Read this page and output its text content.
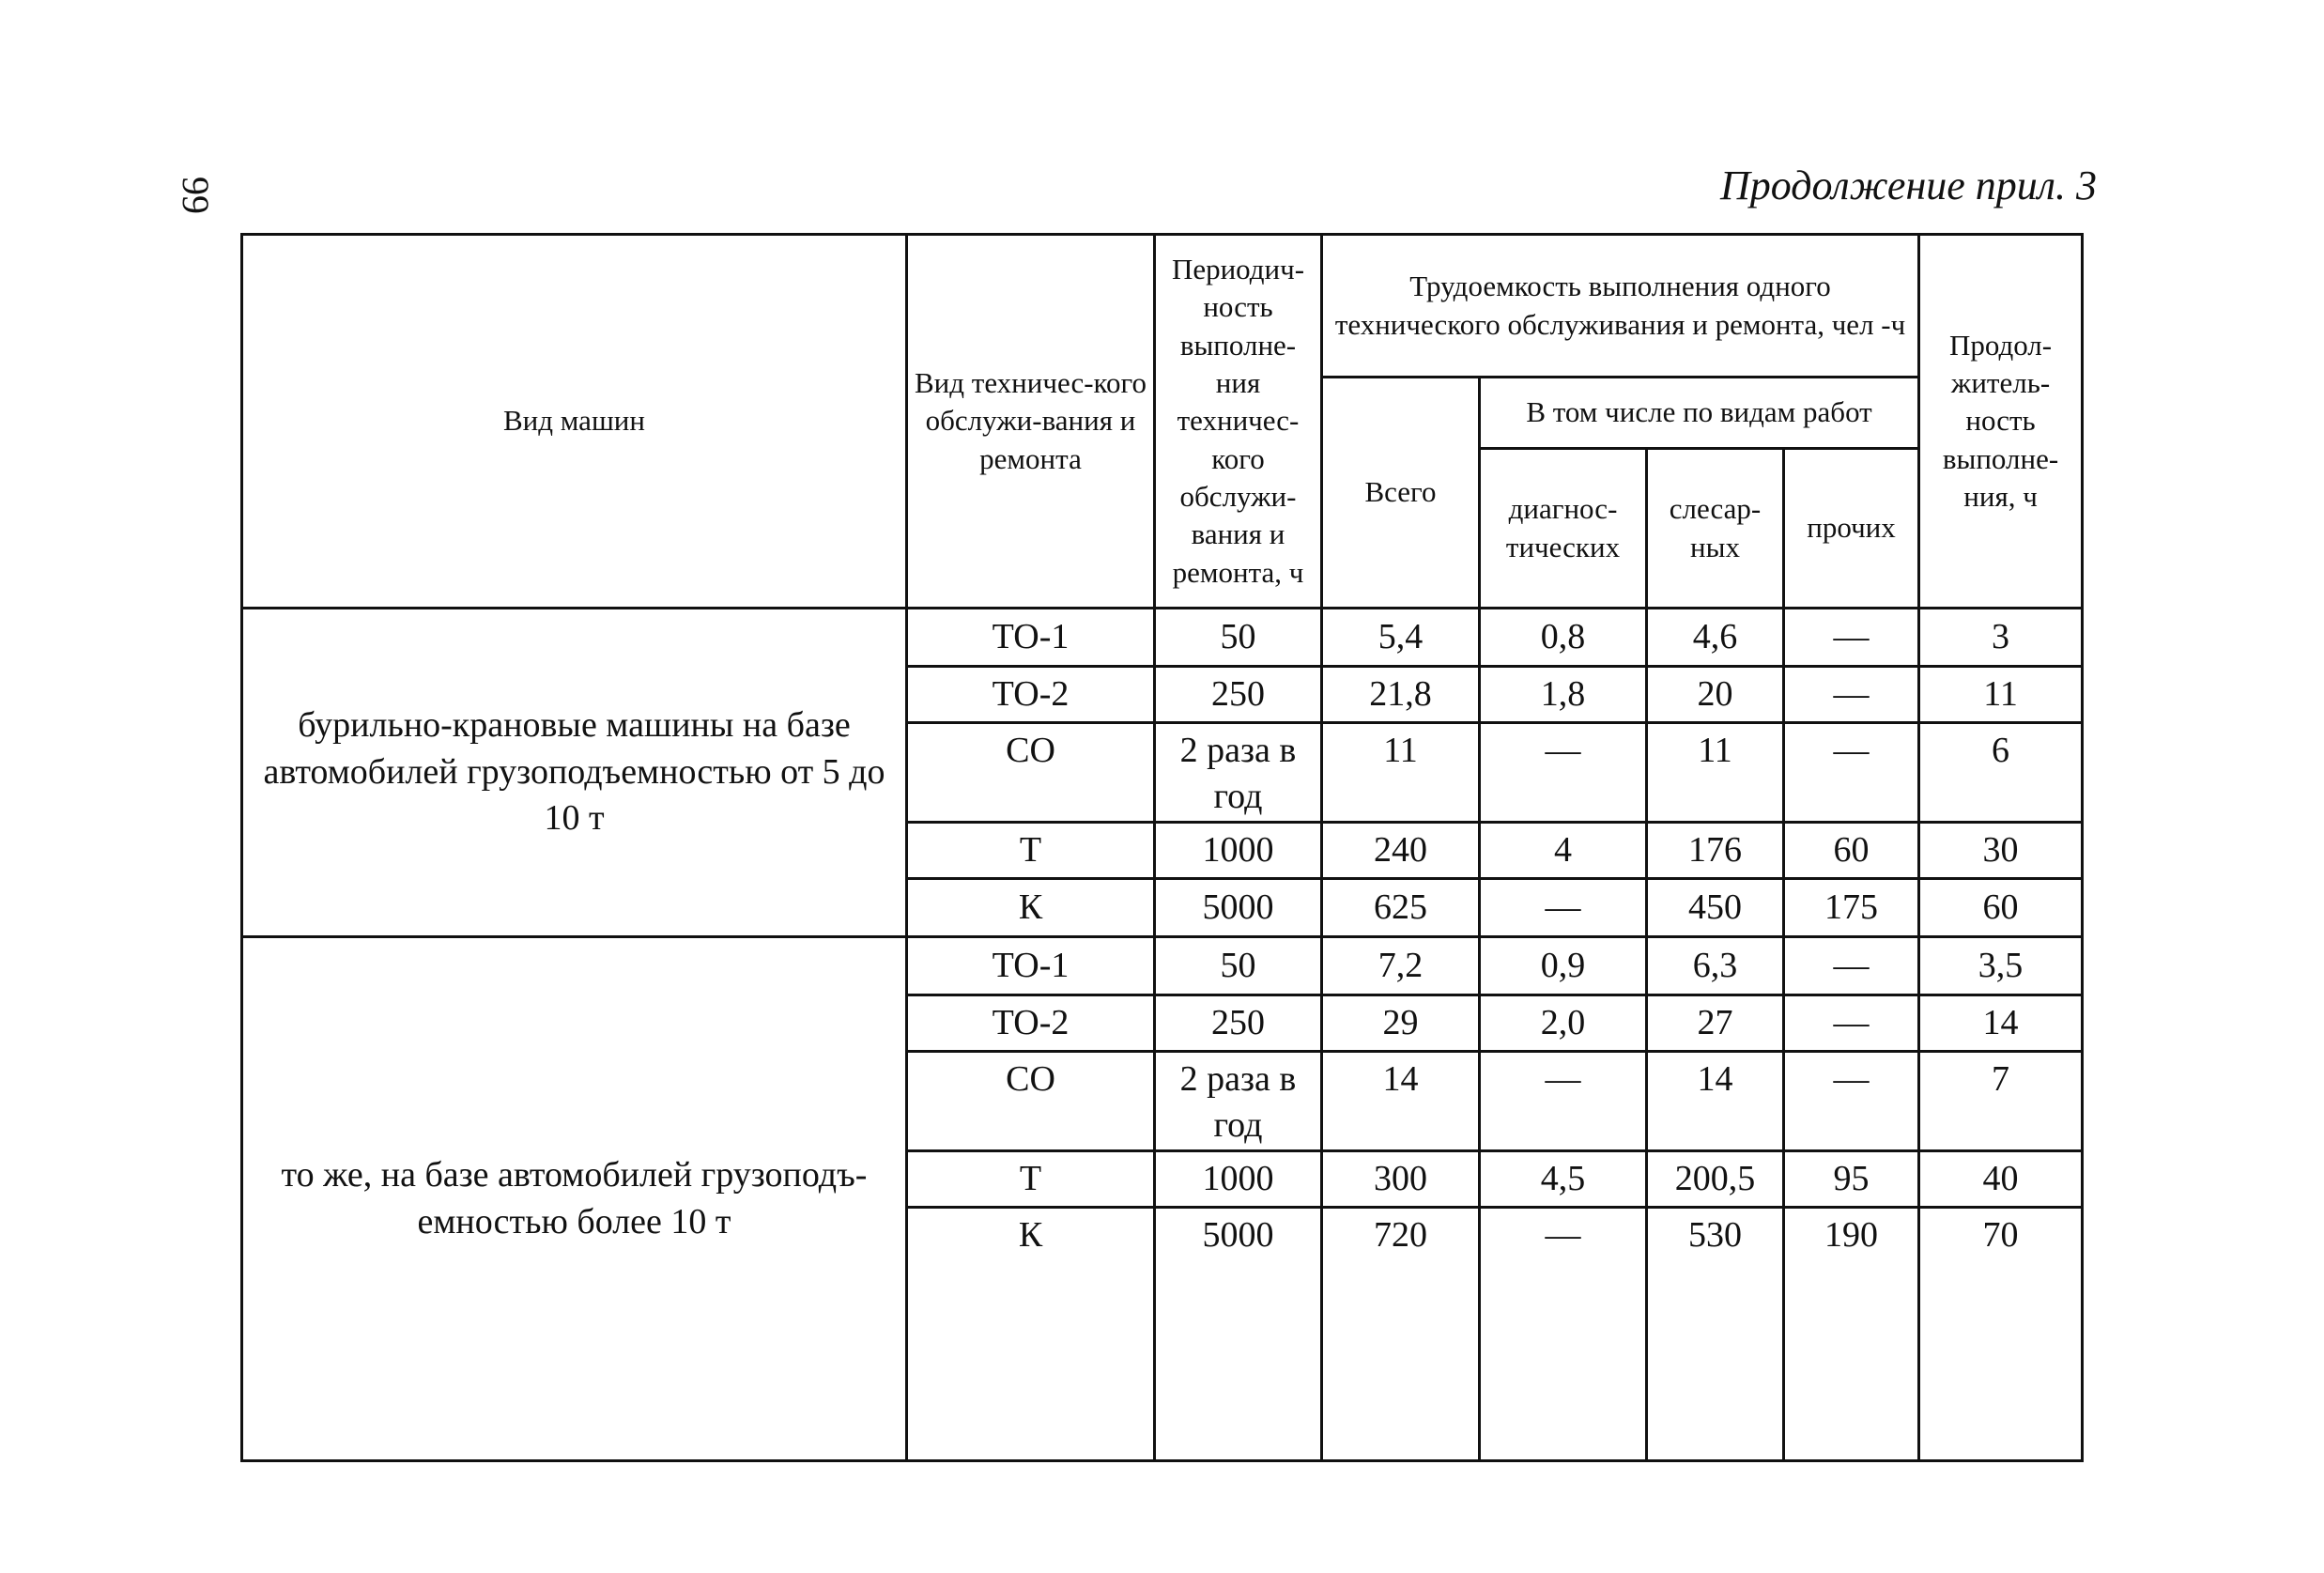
99	Продолжение прил. 3
Вид машин	Вид техничес-кого обслужи-вания и ремонта	Периодич-ность выполне-ния техничес-кого обслужи-вания и ремонта, ч	Трудоемкость выполнения одного технического обслуживания и ремонта, чел -ч				Продол-житель-ность выполне-ния, ч
			Всего	В том числе по видам работ			
				диагнос-тических	слесар-ных	прочих	
бурильно-крановые машины на базе автомобилей грузоподъемностью от 5 до 10 т	ТО-1	50	5,4	0,8	4,6	—	3
	ТО-2	250	21,8	1,8	20	—	11
	СО	2 раза в год	11	—	11	—	6
	Т	1000	240	4	176	60	30
	К	5000	625	—	450	175	60
то же, на базе автомобилей грузоподъ-емностью более 10 т	ТО-1	50	7,2	0,9	6,3	—	3,5
	ТО-2	250	29	2,0	27	—	14
	СО	2 раза в год	14	—	14	—	7
	Т	1000	300	4,5	200,5	95	40
	К	5000	720	—	530	190	70
